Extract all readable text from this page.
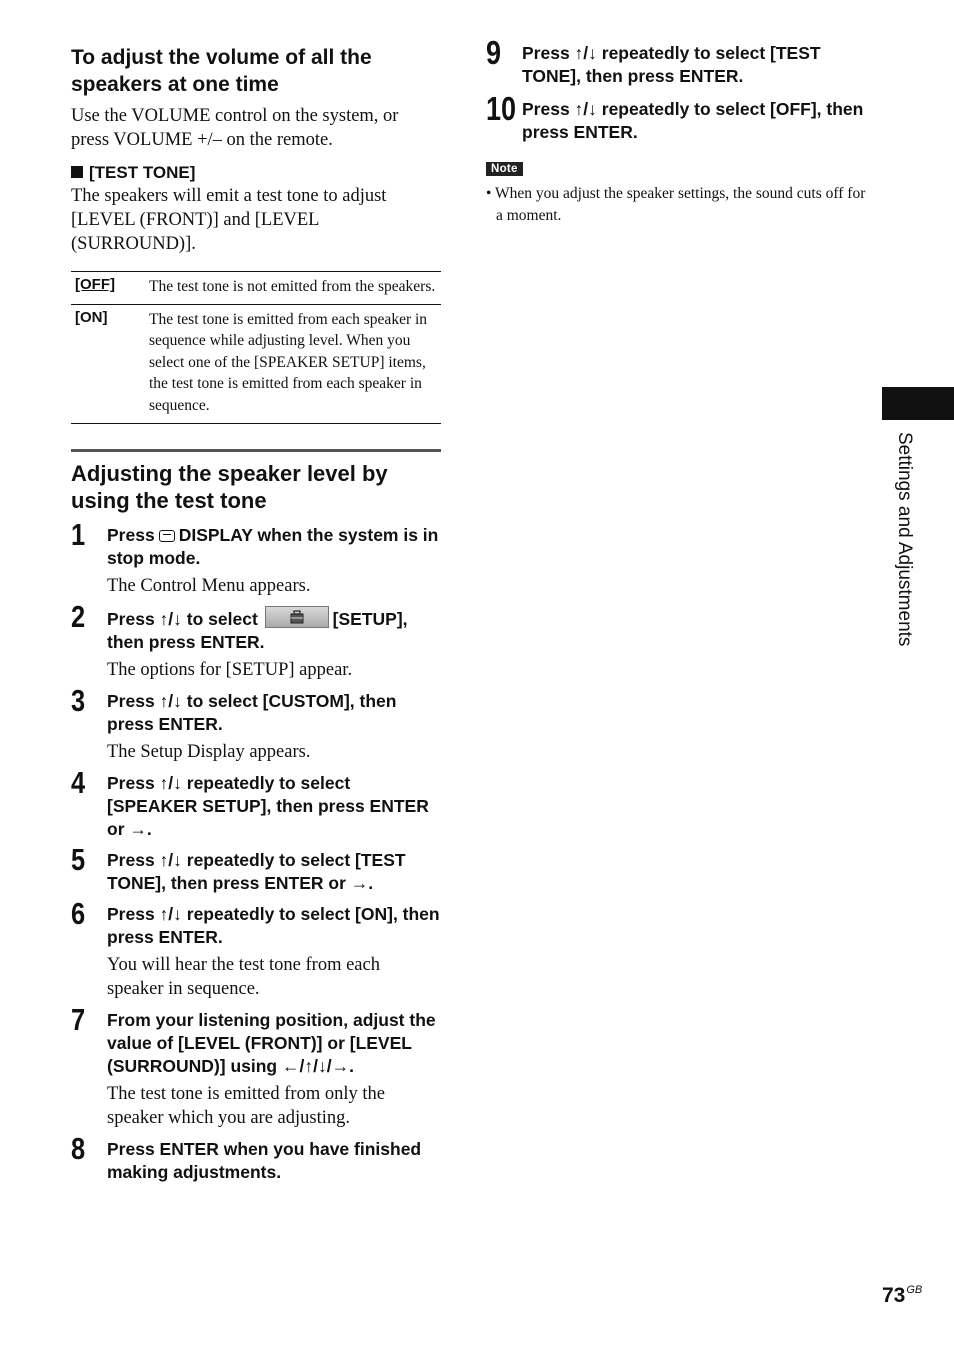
To adjust the volume of all the speakers at one time

Use the VOLUME control on the system, or press VOLUME +/– on the remote.

[TEST TONE]

The speakers will emit a test tone to adjust [LEVEL (FRONT)] and [LEVEL (SURROUND)].

[OFF]	The test tone is not emitted from the speakers.
[ON]	The test tone is emitted from each speaker in sequence while adjusting level. When you select one of the [SPEAKER SETUP] items, the test tone is emitted from each speaker in sequence.
Adjusting the speaker level by using the test tone
1 Press DISPLAY when the system is in stop mode.

The Control Menu appears.

2 Press ↑/↓ to select	[SETUP], then press ENTER.

The options for [SETUP] appear.

3 Press ↑/↓ to select [CUSTOM], then press ENTER.

The Setup Display appears.

4 Press ↑/↓ repeatedly to select [SPEAKER SETUP], then press ENTER or →.

5 Press ↑/↓ repeatedly to select [TEST TONE], then press ENTER or →.

6 Press ↑/↓ repeatedly to select [ON], then press ENTER.

You will hear the test tone from each speaker in sequence.

7 From your listening position, adjust the value of [LEVEL (FRONT)] or [LEVEL (SURROUND)] using ←/↑/↓/→.

The test tone is emitted from only the speaker which you are adjusting.

8 Press ENTER when you have finished making adjustments.

9 Press ↑/↓ repeatedly to select [TEST TONE], then press ENTER.

10 Press ↑/↓ repeatedly to select [OFF], then press ENTER.

Note

• When you adjust the speaker settings, the sound cuts off for a moment.

Settings and Adjustments
$73^{GB}$
